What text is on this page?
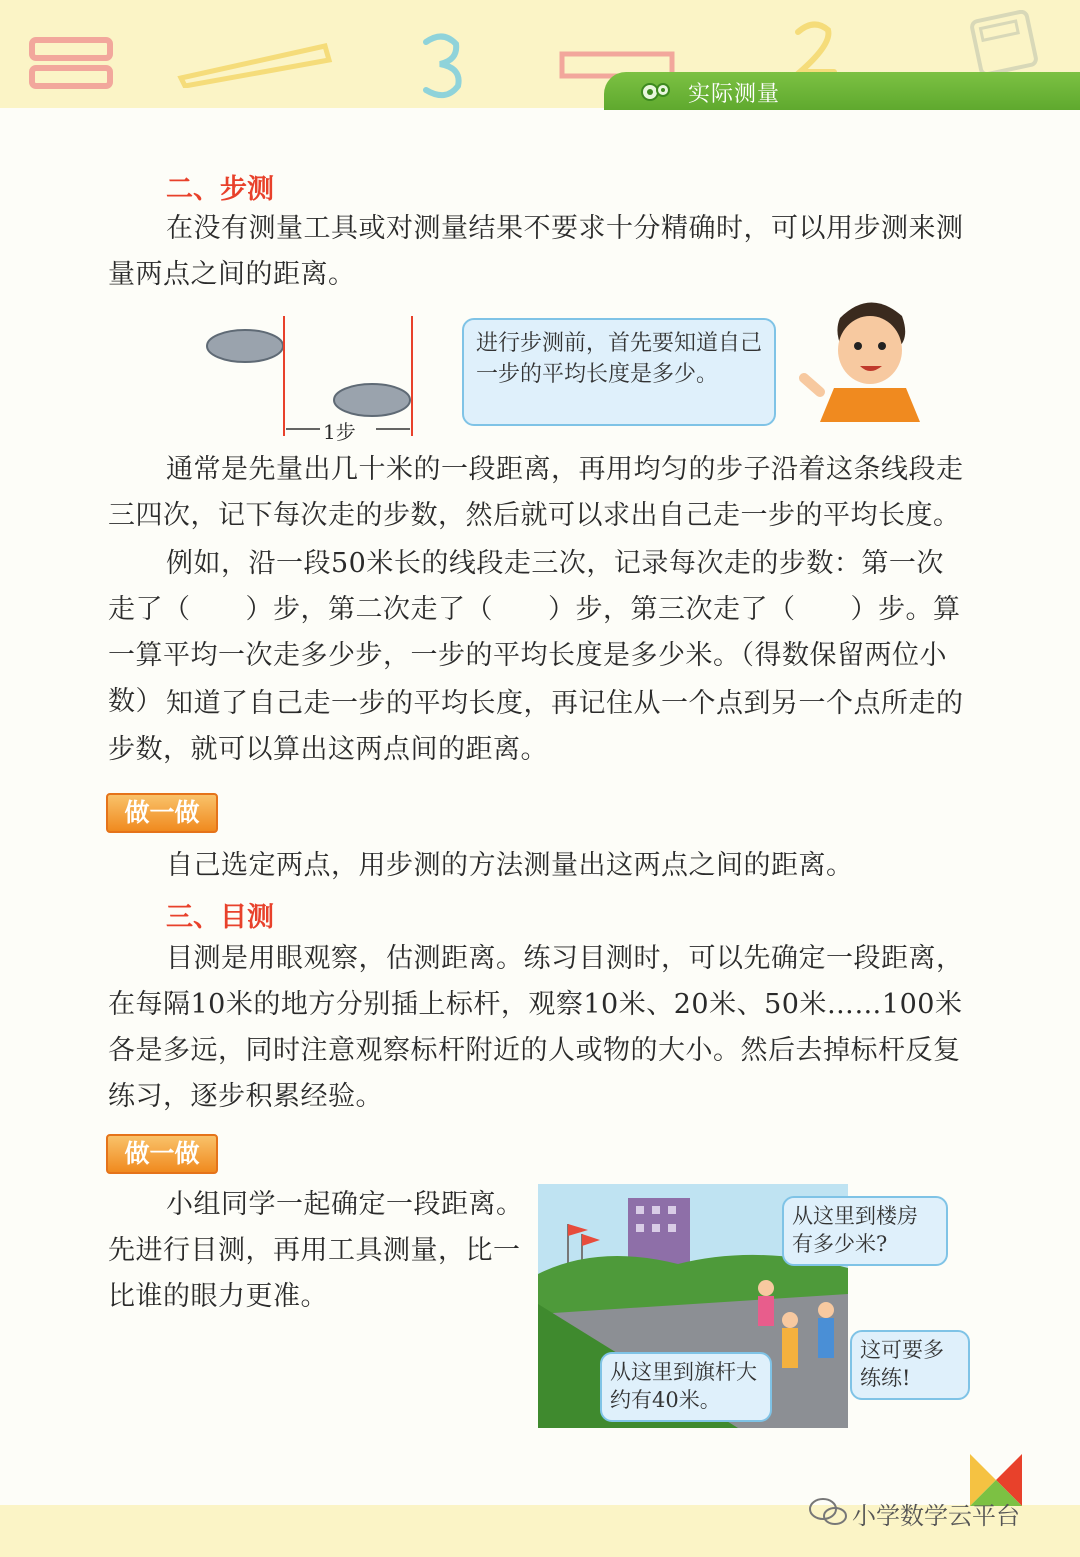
实际测量
二、步测

在没有测量工具或对测量结果不要求十分精确时，可以用步测来测量两点之间的距离。

1步
进行步测前，首先要知道自己一步的平均长度是多少。

通常是先量出几十米的一段距离，再用均匀的步子沿着这条线段走三四次，记下每次走的步数，然后就可以求出自己走一步的平均长度。

例如，沿一段50米长的线段走三次，记录每次走的步数：第一次走了（　　）步，第二次走了（　　）步，第三次走了（　　）步。算一算平均一次走多少步，一步的平均长度是多少米。（得数保留两位小数） 知道了自己走一步的平均长度，再记住从一个点到另一个点所走的步数，就可以算出这两点间的距离。

做一做

自己选定两点，用步测的方法测量出这两点之间的距离。

三、目测

目测是用眼观察，估测距离。练习目测时，可以先确定一段距离，在每隔10米的地方分别插上标杆，观察10米、20米、50米……100米各是多远，同时注意观察标杆附近的人或物的大小。然后去掉标杆反复练习，逐步积累经验。

做一做

小组同学一起确定一段距离。先进行目测，再用工具测量，比一比谁的眼力更准。

从这里到楼房有多少米?
从这里到旗杆大约有40米。
这可要多练练!
小学数学云平台
